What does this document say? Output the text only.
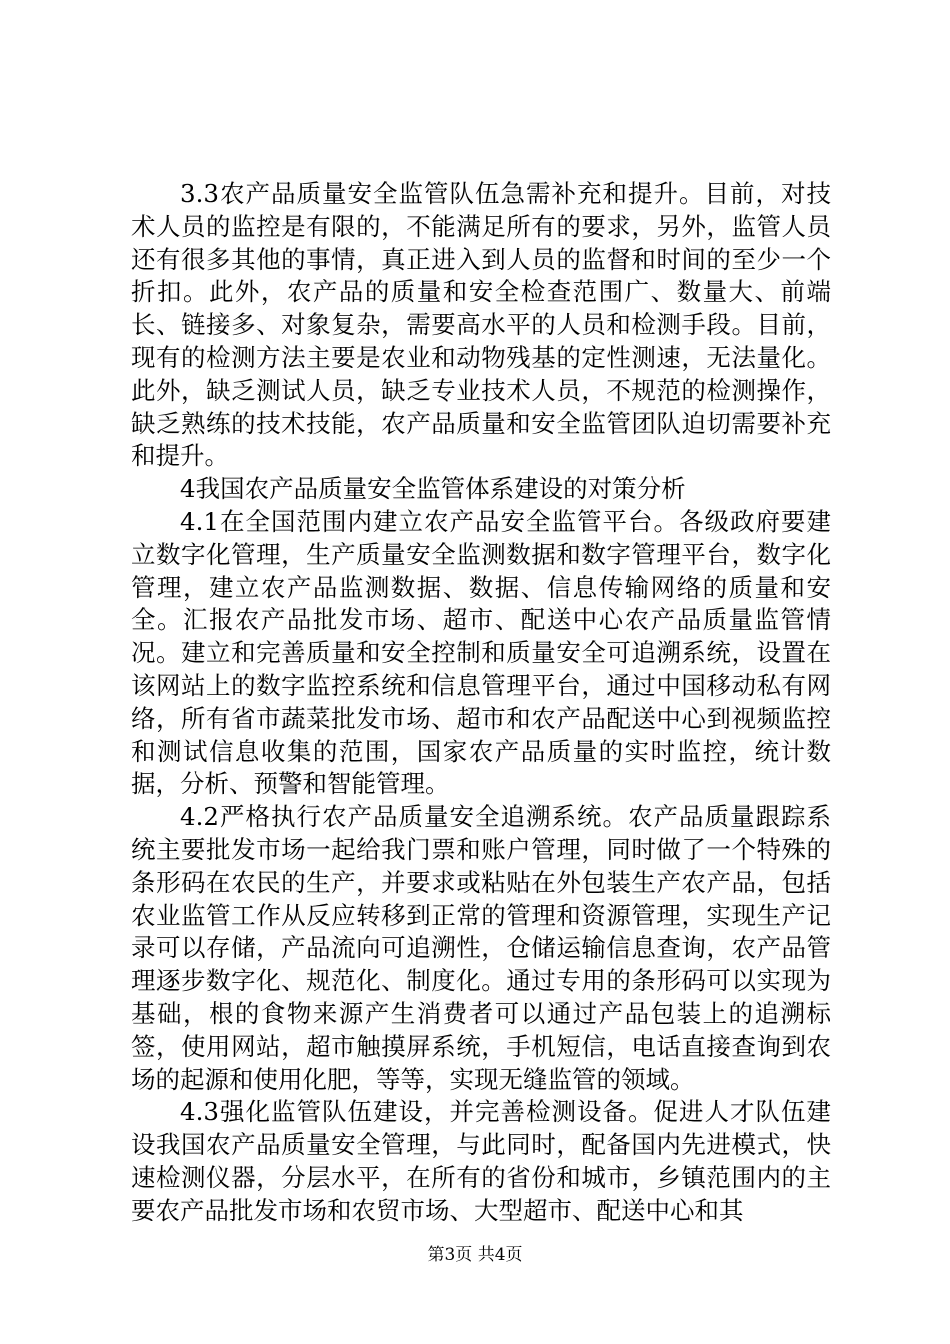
3.3农产品质量安全监管队伍急需补充和提升。目前，对技术人员的监控是有限的，不能满足所有的要求，另外，监管人员还有很多其他的事情，真正进入到人员的监督和时间的至少一个折扣。此外，农产品的质量和安全检查范围广、数量大、前端长、链接多、对象复杂，需要高水平的人员和检测手段。目前，现有的检测方法主要是农业和动物残基的定性测速，无法量化。此外，缺乏测试人员，缺乏专业技术人员，不规范的检测操作，缺乏熟练的技术技能，农产品质量和安全监管团队迫切需要补充和提升。

4我国农产品质量安全监管体系建设的对策分析

4.1在全国范围内建立农产品安全监管平台。各级政府要建立数字化管理，生产质量安全监测数据和数字管理平台，数字化管理，建立农产品监测数据、数据、信息传输网络的质量和安全。汇报农产品批发市场、超市、配送中心农产品质量监管情况。建立和完善质量和安全控制和质量安全可追溯系统，设置在该网站上的数字监控系统和信息管理平台，通过中国移动私有网络，所有省市蔬菜批发市场、超市和农产品配送中心到视频监控和测试信息收集的范围，国家农产品质量的实时监控，统计数据，分析、预警和智能管理。

4.2严格执行农产品质量安全追溯系统。农产品质量跟踪系统主要批发市场一起给我门票和账户管理，同时做了一个特殊的条形码在农民的生产，并要求或粘贴在外包装生产农产品，包括农业监管工作从反应转移到正常的管理和资源管理，实现生产记录可以存储，产品流向可追溯性，仓储运输信息查询，农产品管理逐步数字化、规范化、制度化。通过专用的条形码可以实现为基础，根的食物来源产生消费者可以通过产品包装上的追溯标签，使用网站，超市触摸屏系统，手机短信，电话直接查询到农场的起源和使用化肥，等等，实现无缝监管的领域。

4.3强化监管队伍建设，并完善检测设备。促进人才队伍建设我国农产品质量安全管理，与此同时，配备国内先进模式，快速检测仪器，分层水平，在所有的省份和城市，乡镇范围内的主要农产品批发市场和农贸市场、大型超市、配送中心和其

第3页 共4页
